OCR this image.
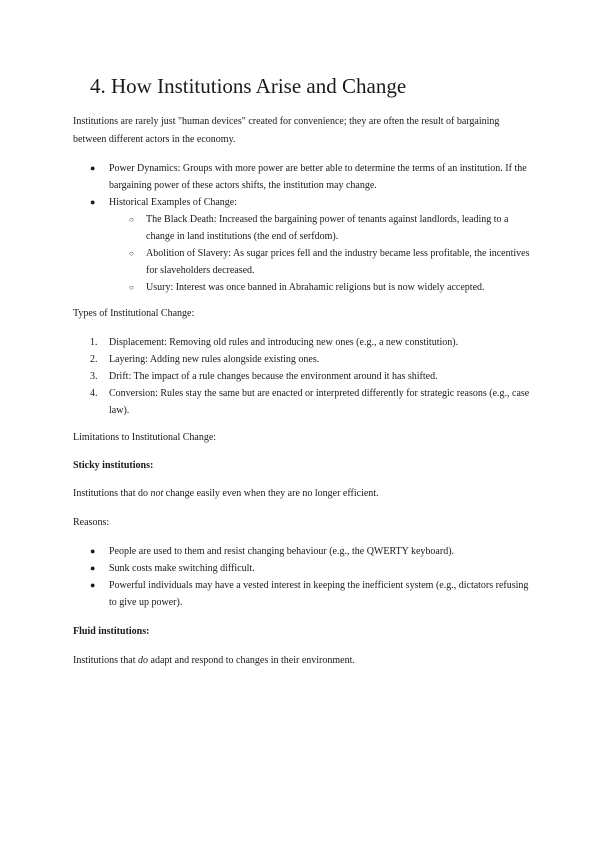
4. How Institutions Arise and Change

Institutions are rarely just "human devices" created for convenience; they are often the result of bargaining between different actors in the economy.

● Power Dynamics: Groups with more power are better able to determine the terms of an institution. If the bargaining power of these actors shifts, the institution may change.
● Historical Examples of Change:
○ The Black Death: Increased the bargaining power of tenants against landlords, leading to a change in land institutions (the end of serfdom).
○ Abolition of Slavery: As sugar prices fell and the industry became less profitable, the incentives for slaveholders decreased.
○ Usury: Interest was once banned in Abrahamic religions but is now widely accepted.

Types of Institutional Change:

1. Displacement: Removing old rules and introducing new ones (e.g., a new constitution).
2. Layering: Adding new rules alongside existing ones.
3. Drift: The impact of a rule changes because the environment around it has shifted.
4. Conversion: Rules stay the same but are enacted or interpreted differently for strategic reasons (e.g., case law).

Limitations to Institutional Change:

Sticky institutions:

Institutions that do not change easily even when they are no longer efficient.

Reasons:

● People are used to them and resist changing behaviour (e.g., the QWERTY keyboard).
● Sunk costs make switching difficult.
● Powerful individuals may have a vested interest in keeping the inefficient system (e.g., dictators refusing to give up power).

Fluid institutions:

Institutions that do adapt and respond to changes in their environment.
